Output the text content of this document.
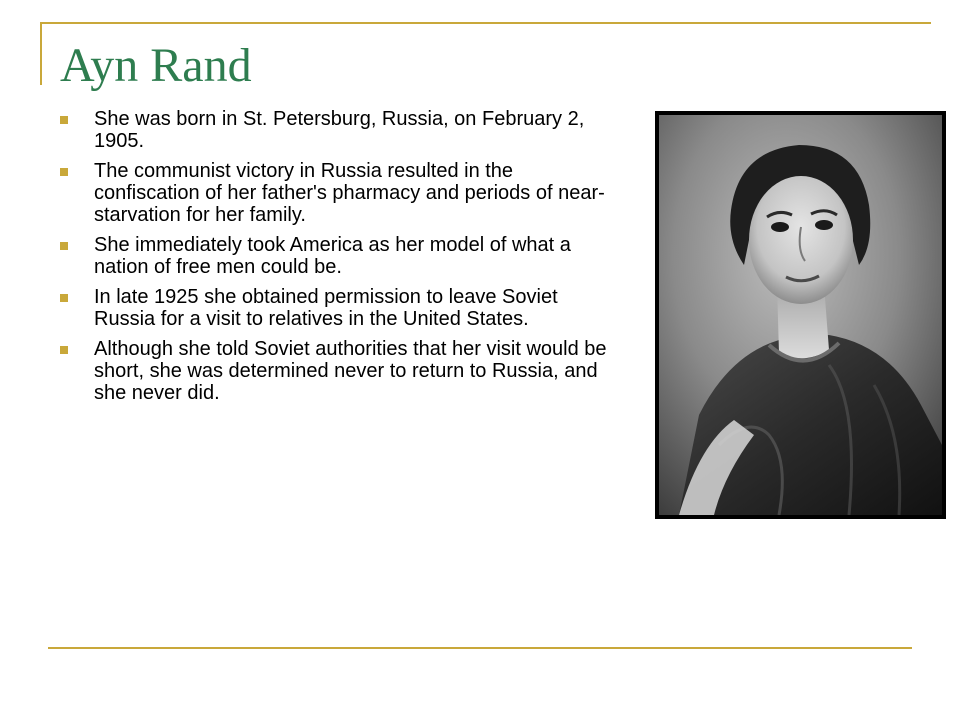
Ayn Rand
She was born in St. Petersburg, Russia, on February 2, 1905.
The communist victory in Russia resulted in the confiscation of her father's pharmacy and periods of near-starvation for her family.
She immediately took America as her model of what a nation of free men could be.
In late 1925 she obtained permission to leave Soviet Russia for a visit to relatives in the United States.
Although she told Soviet authorities that her visit would be short, she was determined never to return to Russia, and she never did.
